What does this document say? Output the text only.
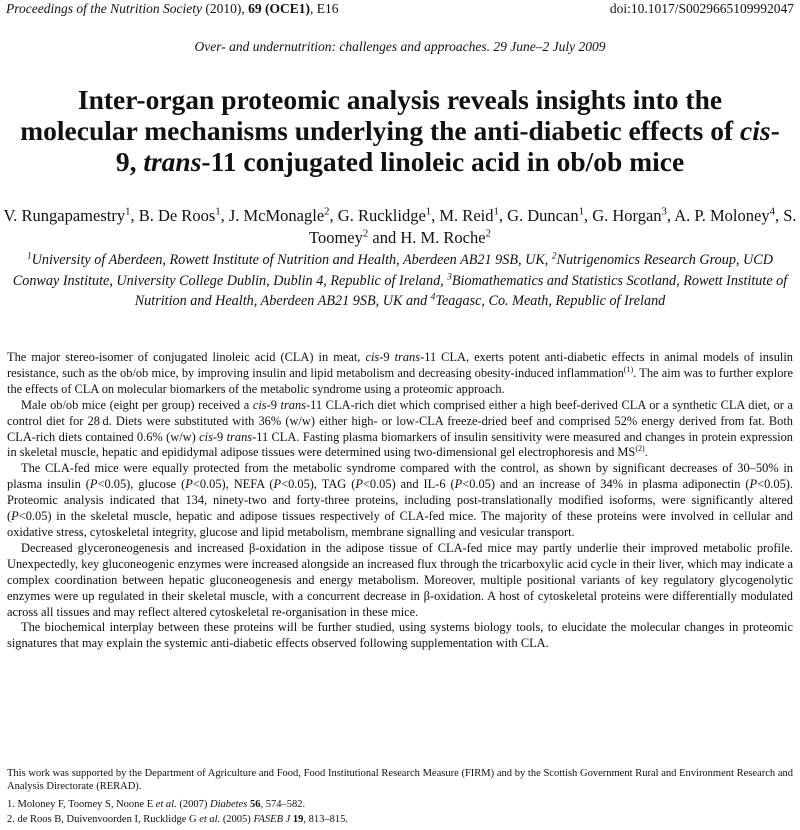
Proceedings of the Nutrition Society (2010), 69 (OCE1), E16	doi:10.1017/S0029665109992047
Over- and undernutrition: challenges and approaches. 29 June–2 July 2009
Inter-organ proteomic analysis reveals insights into the molecular mechanisms underlying the anti-diabetic effects of cis-9, trans-11 conjugated linoleic acid in ob/ob mice
V. Rungapamestry$^1$, B. De Roos$^1$, J. McMonagle$^2$, G. Rucklidge$^1$, M. Reid$^1$, G. Duncan$^1$, G. Horgan$^3$, A. P. Moloney$^4$, S. Toomey$^2$ and H. M. Roche$^2$
$^1$University of Aberdeen, Rowett Institute of Nutrition and Health, Aberdeen AB21 9SB, UK, $^2$Nutrigenomics Research Group, UCD Conway Institute, University College Dublin, Dublin 4, Republic of Ireland, $^3$Biomathematics and Statistics Scotland, Rowett Institute of Nutrition and Health, Aberdeen AB21 9SB, UK and $^4$Teagasc, Co. Meath, Republic of Ireland

The major stereo-isomer of conjugated linoleic acid (CLA) in meat, cis-9 trans-11 CLA, exerts potent anti-diabetic effects in animal models of insulin resistance, such as the ob/ob mice, by improving insulin and lipid metabolism and decreasing obesity-induced inflammation$^{(1)}$. The aim was to further explore the effects of CLA on molecular biomarkers of the metabolic syndrome using a proteomic approach.

Male ob/ob mice (eight per group) received a cis-9 trans-11 CLA-rich diet which comprised either a high beef-derived CLA or a synthetic CLA diet, or a control diet for 28 d. Diets were substituted with 36% (w/w) either high- or low-CLA freeze-dried beef and comprised 52% energy derived from fat. Both CLA-rich diets contained 0.6% (w/w) cis-9 trans-11 CLA. Fasting plasma biomarkers of insulin sensitivity were measured and changes in protein expression in skeletal muscle, hepatic and epididymal adipose tissues were determined using two-dimensional gel electrophoresis and MS$^{(2)}$.

The CLA-fed mice were equally protected from the metabolic syndrome compared with the control, as shown by significant decreases of 30–50% in plasma insulin (P<0.05), glucose (P<0.05), NEFA (P<0.05), TAG (P<0.05) and IL-6 (P<0.05) and an increase of 34% in plasma adiponectin (P<0.05). Proteomic analysis indicated that 134, ninety-two and forty-three proteins, including post-translationally modified isoforms, were significantly altered (P<0.05) in the skeletal muscle, hepatic and adipose tissues respectively of CLA-fed mice. The majority of these proteins were involved in cellular and oxidative stress, cytoskeletal integrity, glucose and lipid metabolism, membrane signalling and vesicular transport.

Decreased glyceroneogenesis and increased β-oxidation in the adipose tissue of CLA-fed mice may partly underlie their improved metabolic profile. Unexpectedly, key gluconeogenic enzymes were increased alongside an increased flux through the tricarboxylic acid cycle in their liver, which may indicate a complex coordination between hepatic gluconeogenesis and energy metabolism. Moreover, multiple positional variants of key regulatory glycogenolytic enzymes were up regulated in their skeletal muscle, with a concurrent decrease in β-oxidation. A host of cytoskeletal proteins were differentially modulated across all tissues and may reflect altered cytoskeletal re-organisation in these mice.

The biochemical interplay between these proteins will be further studied, using systems biology tools, to elucidate the molecular changes in proteomic signatures that may explain the systemic anti-diabetic effects observed following supplementation with CLA.

This work was supported by the Department of Agriculture and Food, Food Institutional Research Measure (FIRM) and by the Scottish Government Rural and Environment Research and Analysis Directorate (RERAD).

1. Moloney F, Toomey S, Noone E et al. (2007) Diabetes 56, 574–582.

2. de Roos B, Duivenvoorden I, Rucklidge G et al. (2005) FASEB J 19, 813–815.
